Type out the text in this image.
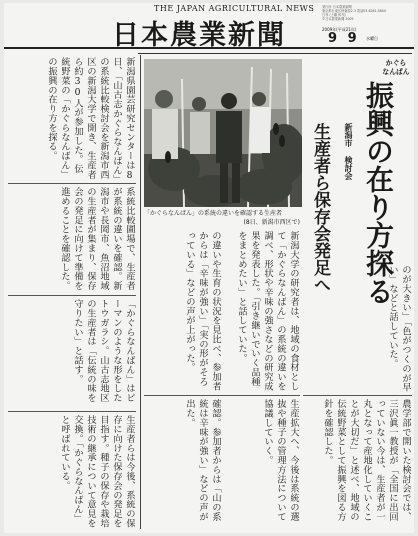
THE JAPAN AGRICULTURAL NEWS
日本農業新聞
発行所 日本農業新聞
東京都台東区秋葉原2-3 電話03-6281-5800
日刊 (土曜 休刊)
©日本農業新聞 2009
2009年(平成21年)
9 9 水曜日
かぐら
なんばん
振興の在り方探る
新潟市 検討会
生産者ら保存会発足へ
「かぐらなんばん」の系統の違いを確認する生産者
(8日、新潟市西区で)
のが大きい」「色がつくのが早い」などと話していた。
農学部で開いた検討会では、三沢眞一教授が「全国に出回っていない今は、生産者が一丸となって産地化していくことが大切だ」と述べ、地域の伝統野菜として振興を図る方針を確認した。
新潟大学の研究者は、地域の食材として「かぐらなんばん」の系統の違いを調べ、形状や辛味の強さなどの研究成果を発表した。「引き継いでいく品種をまとめたい」と話していた。
の違いや生育の状況を見比べ、参加者からは「辛味が強い」「実の形がそろっている」などの声が上がった。
生産拡大へ、今後は系統の選抜や種子の管理方法について協議していく。
確認。参加者からは「山の系統は辛味が強い」などの声が出た。
新潟県園芸研究センターは8日、「山古志かぐらなんばん」の系統比較検討会を新潟市西区の新潟大学で開き、生産者ら約30人が参加した。伝統野菜の「かぐらなんばん」の振興の在り方を探る。
系統比較圃場で、生産者が系統の違いを確認。新潟市や長岡市、魚沼地域の生産者が集まり、保存会の発足に向けて準備を進めることを確認した。
「かぐらなんばん」はピーマンのような形をしたトウガラシ。山古志地区の生産者は「伝統の味を守りたい」と話す。
生産者らは今後、系統の保存に向けた保存会の発足を目指す。種子の保存や栽培技術の継承について意見を交換。「かぐらなんばん」と呼ばれている。
